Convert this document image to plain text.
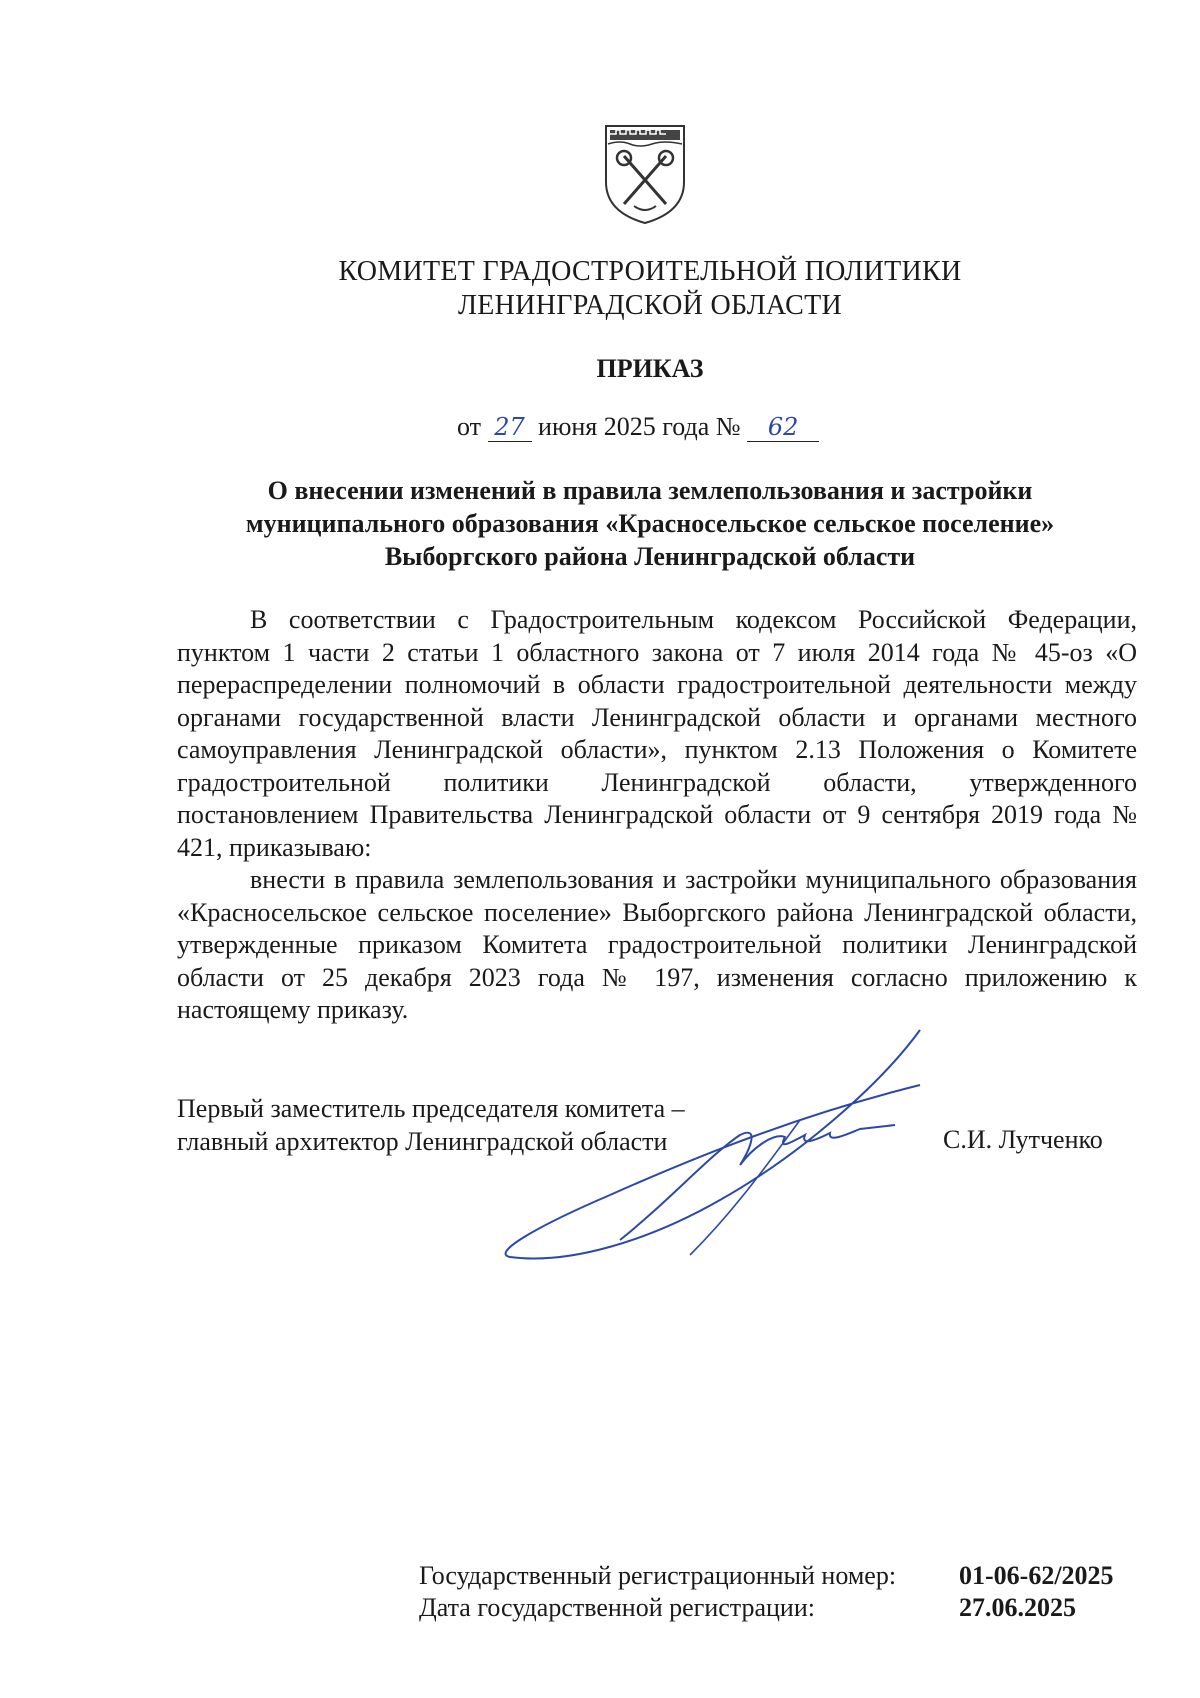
КОМИТЕТ ГРАДОСТРОИТЕЛЬНОЙ ПОЛИТИКИ
ЛЕНИНГРАДСКОЙ ОБЛАСТИ
ПРИКАЗ
от 27 июня 2025 года № 62
О внесении изменений в правила землепользования и застройки
муниципального образования «Красносельское сельское поселение»
Выборгского района Ленинградской области

В соответствии с Градостроительным кодексом Российской Федерации, пунктом 1 части 2 статьи 1 областного закона от 7 июля 2014 года № 45-оз «О перераспределении полномочий в области градостроительной деятельности между органами государственной власти Ленинградской области и органами местного самоуправления Ленинградской области», пунктом 2.13 Положения о Комитете градостроительной политики Ленинградской области, утвержденного постановлением Правительства Ленинградской области от 9 сентября 2019 года № 421, приказываю:

внести в правила землепользования и застройки муниципального образования «Красносельское сельское поселение» Выборгского района Ленинградской области, утвержденные приказом Комитета градостроительной политики Ленинградской области от 25 декабря 2023 года № 197, изменения согласно приложению к настоящему приказу.

Первый заместитель председателя комитета –
главный архитектор Ленинградской области	С.И. Лутченко
Государственный регистрационный номер:	01-06-62/2025
Дата государственной регистрации:	27.06.2025
